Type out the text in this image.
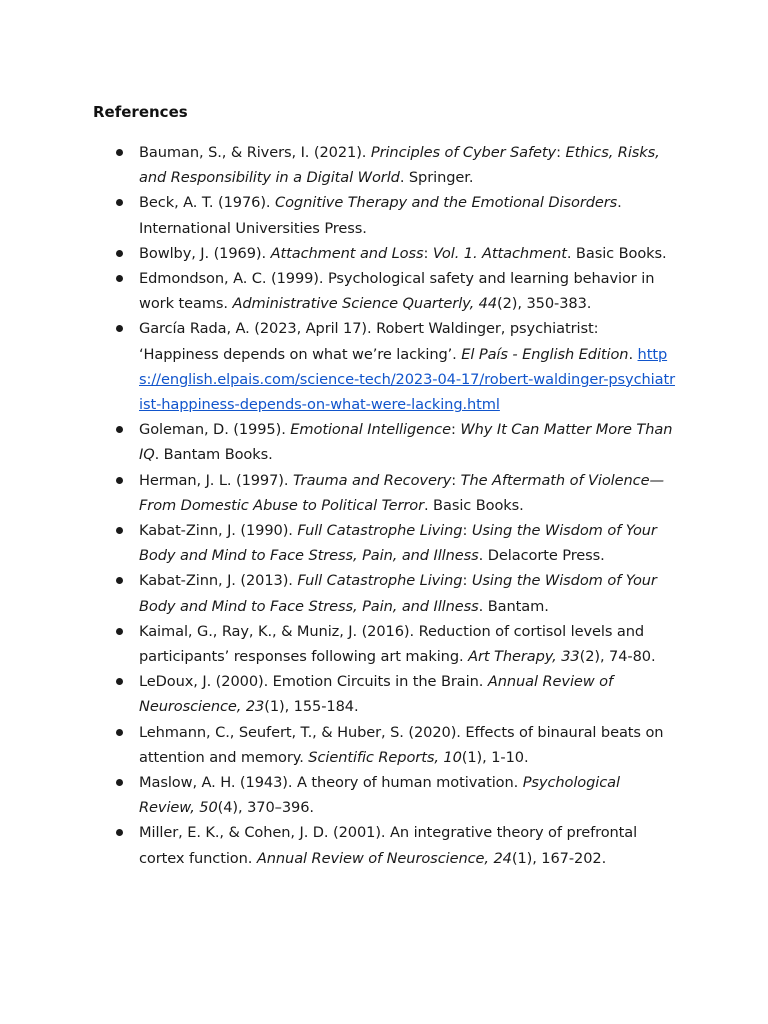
References
Bauman, S., & Rivers, I. (2021). Principles of Cyber Safety: Ethics, Risks, and Responsibility in a Digital World. Springer.
Beck, A. T. (1976). Cognitive Therapy and the Emotional Disorders. International Universities Press.
Bowlby, J. (1969). Attachment and Loss: Vol. 1. Attachment. Basic Books.
Edmondson, A. C. (1999). Psychological safety and learning behavior in work teams. Administrative Science Quarterly, 44(2), 350-383.
García Rada, A. (2023, April 17). Robert Waldinger, psychiatrist: ‘Happiness depends on what we’re lacking’. El País - English Edition. https://english.elpais.com/science-tech/2023-04-17/robert-waldinger-psychiatrist-happiness-depends-on-what-were-lacking.html
Goleman, D. (1995). Emotional Intelligence: Why It Can Matter More Than IQ. Bantam Books.
Herman, J. L. (1997). Trauma and Recovery: The Aftermath of Violence—From Domestic Abuse to Political Terror. Basic Books.
Kabat-Zinn, J. (1990). Full Catastrophe Living: Using the Wisdom of Your Body and Mind to Face Stress, Pain, and Illness. Delacorte Press.
Kabat-Zinn, J. (2013). Full Catastrophe Living: Using the Wisdom of Your Body and Mind to Face Stress, Pain, and Illness. Bantam.
Kaimal, G., Ray, K., & Muniz, J. (2016). Reduction of cortisol levels and participants’ responses following art making. Art Therapy, 33(2), 74-80.
LeDoux, J. (2000). Emotion Circuits in the Brain. Annual Review of Neuroscience, 23(1), 155-184.
Lehmann, C., Seufert, T., & Huber, S. (2020). Effects of binaural beats on attention and memory. Scientific Reports, 10(1), 1-10.
Maslow, A. H. (1943). A theory of human motivation. Psychological Review, 50(4), 370–396.
Miller, E. K., & Cohen, J. D. (2001). An integrative theory of prefrontal cortex function. Annual Review of Neuroscience, 24(1), 167-202.
